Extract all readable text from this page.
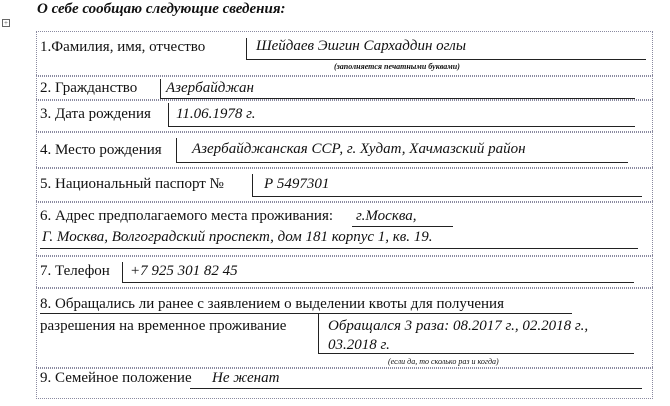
О себе сообщаю следующие сведения:
+
1.Фамилия, имя, отчество	Шейдаев Эшгин Сархаддин оглы
(заполняется печатными буквами)
2. Гражданство Азербайджан
3. Дата рождения 11.06.1978 г.
4. Место рождения Азербайджанская ССР, г. Худат, Хачмазский район
5. Национальный паспорт №	Р 5497301
6. Адрес предполагаемого места проживания: г.Москва,
Г. Москва, Волгоградский проспект, дом 181 корпус 1, кв. 19.
7. Телефон +7 925 301 82 45
8. Обращались ли ранее с заявлением о выделении квоты для получения
разрешения на временное проживание	Обращался 3 раза: 08.2017 г., 02.2018 г.,
03.2018 г.
(если да, то сколько раз и когда)
9. Семейное положение Не женат
